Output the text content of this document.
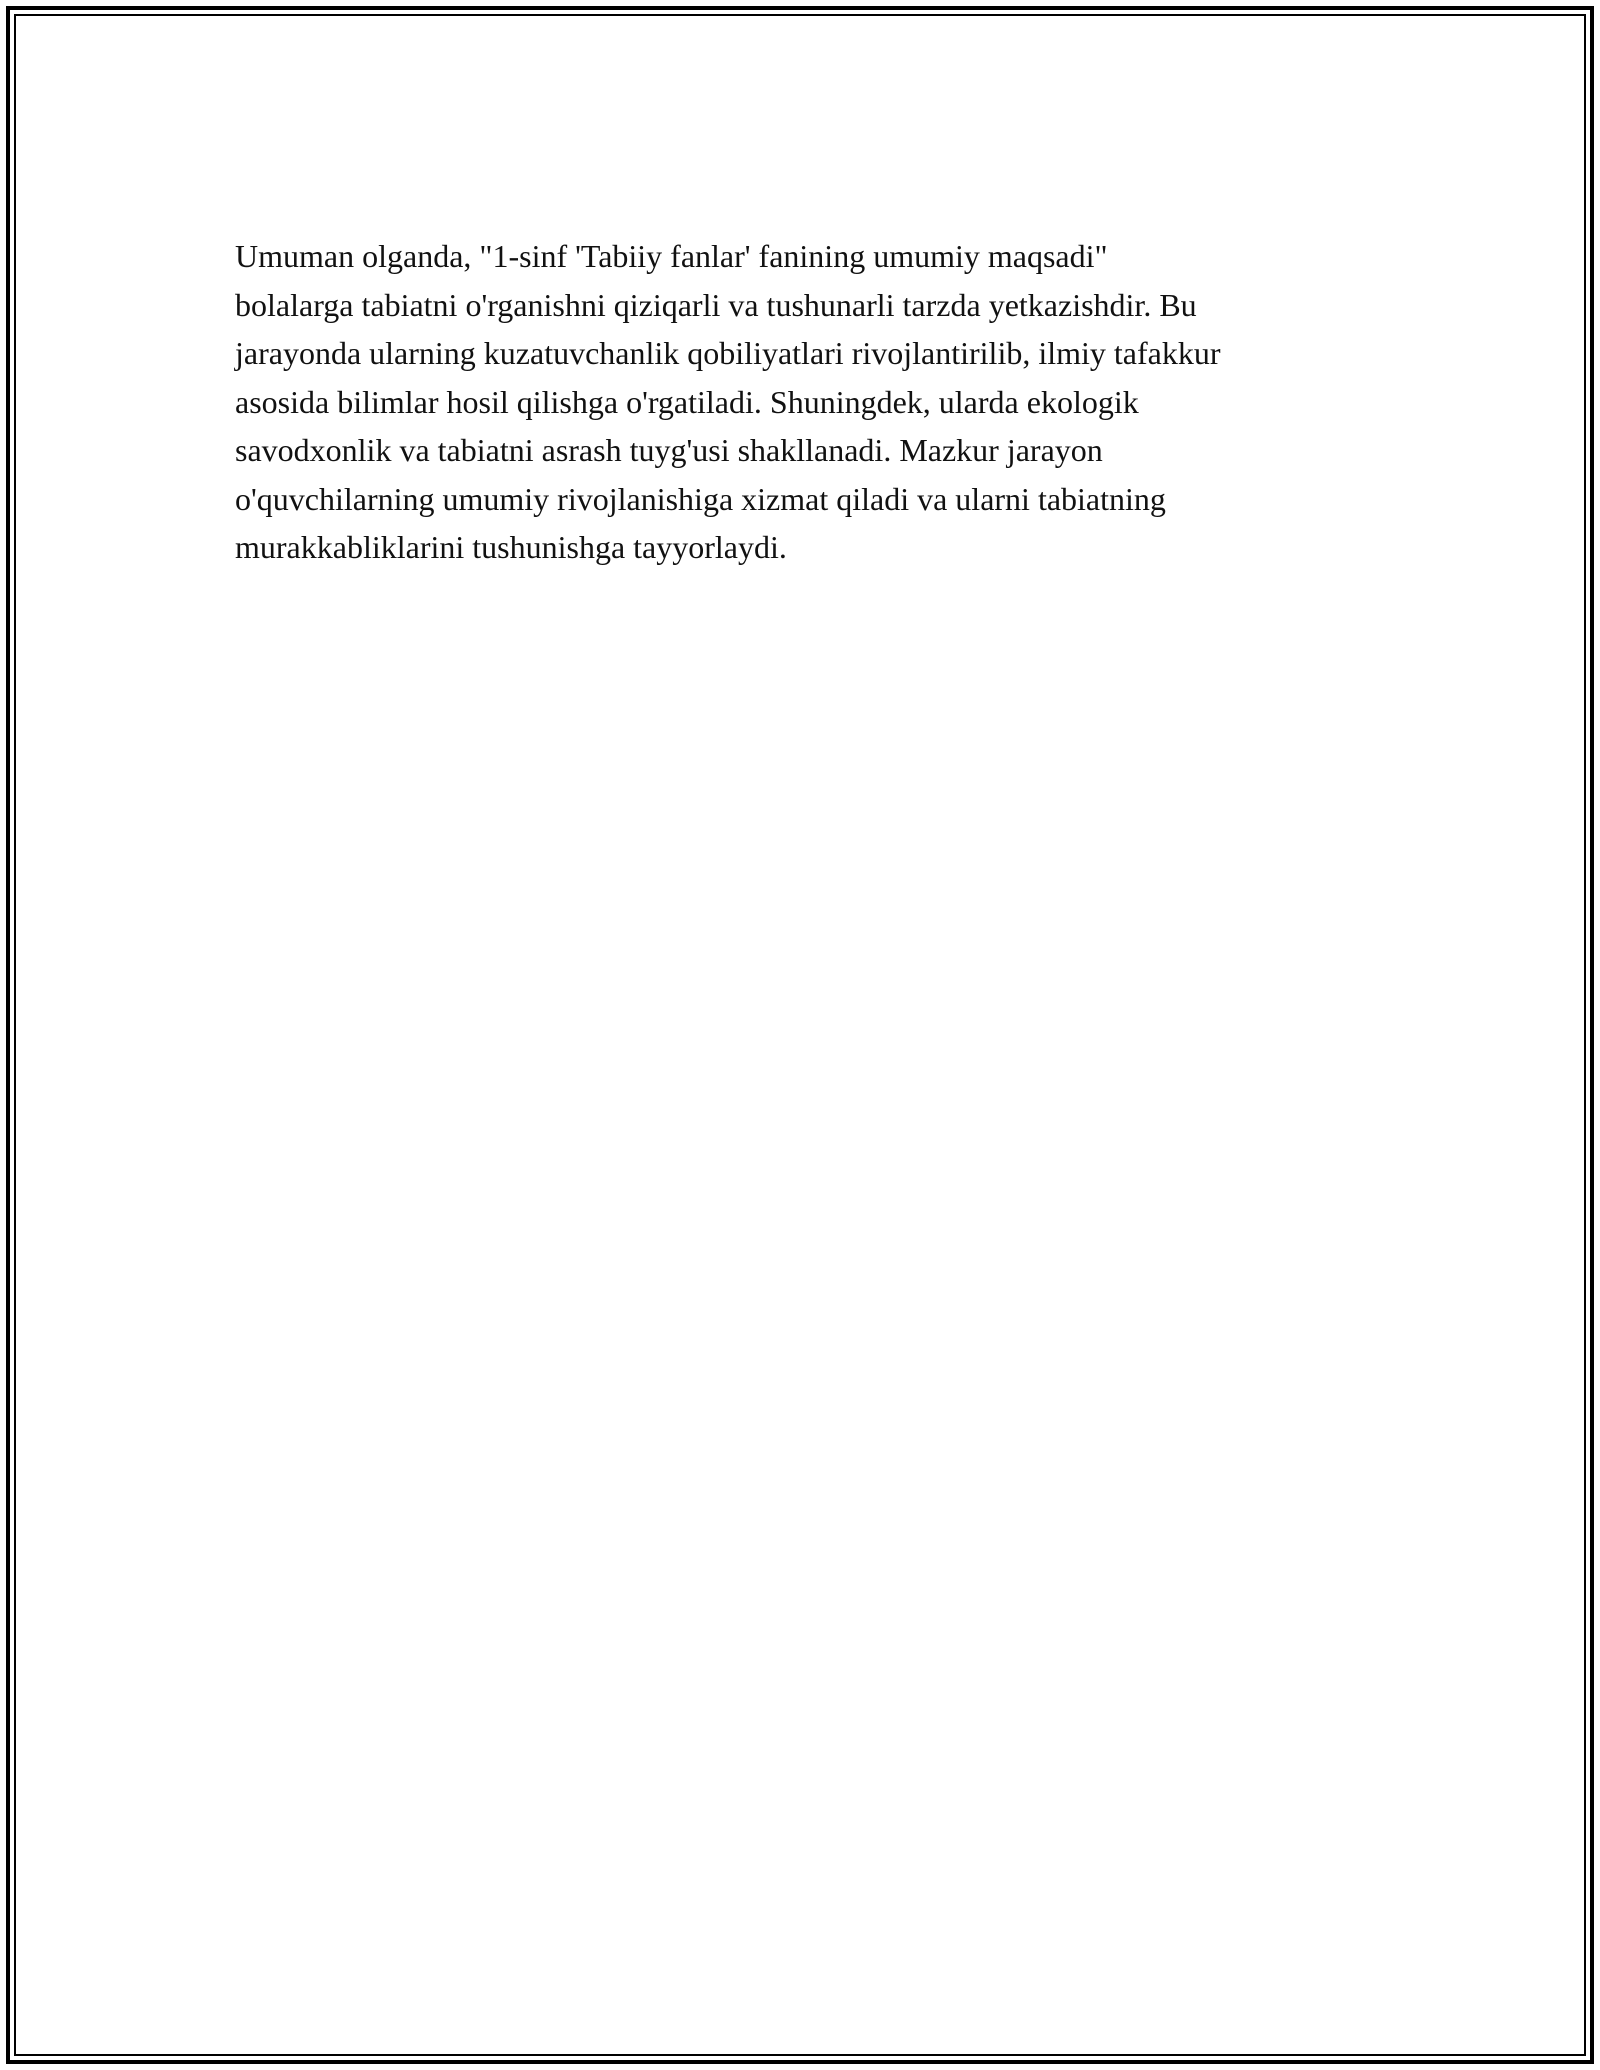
Umuman olganda, "1-sinf 'Tabiiy fanlar' fanining umumiy maqsadi"
bolalarga tabiatni o'rganishni qiziqarli va tushunarli tarzda yetkazishdir. Bu
jarayonda ularning kuzatuvchanlik qobiliyatlari rivojlantirilib, ilmiy tafakkur
asosida bilimlar hosil qilishga o'rgatiladi. Shuningdek, ularda ekologik
savodxonlik va tabiatni asrash tuyg'usi shakllanadi. Mazkur jarayon
o'quvchilarning umumiy rivojlanishiga xizmat qiladi va ularni tabiatning
murakkabliklarini tushunishga tayyorlaydi.
